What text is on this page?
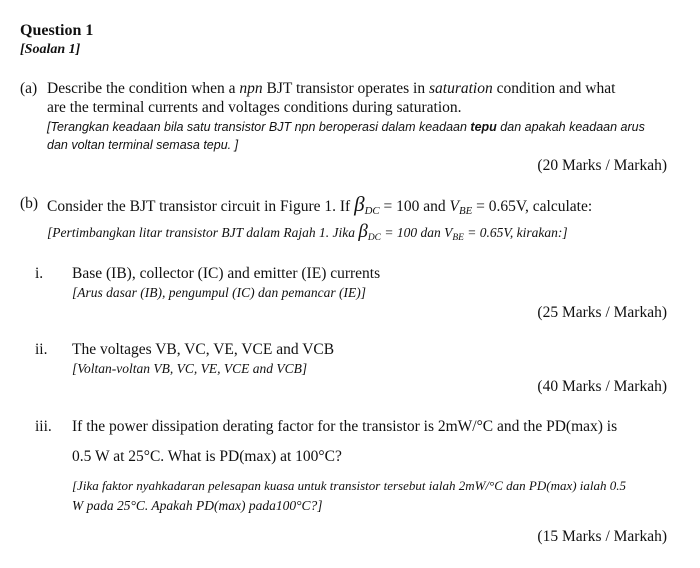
Question 1
[Soalan 1]
(a) Describe the condition when a npn BJT transistor operates in saturation condition and what
are the terminal currents and voltages conditions during saturation.
[Terangkan keadaan bila satu transistor BJT npn beroperasi dalam keadaan tepu dan apakah keadaan arus
dan voltan terminal semasa tepu. ]
(20 Marks / Markah)
(b) Consider the BJT transistor circuit in Figure 1. If $\beta_{DC} = 100$ and $V_{BE} = 0.65V$, calculate:
[Pertimbangkan litar transistor BJT dalam Rajah 1. Jika $\beta_{DC} = 100$ dan $V_{BE} = 0.65V$, kirakan:]
i. Base (IB), collector (IC) and emitter (IE) currents
[Arus dasar (IB), pengumpul (IC) dan pemancar (IE)]
(25 Marks / Markah)
ii. The voltages VB, VC, VE, VCE and VCB
[Voltan-voltan VB, VC, VE, VCE and VCB]
(40 Marks / Markah)
iii. If the power dissipation derating factor for the transistor is 2mW/°C and the PD(max) is
0.5 W at 25°C. What is PD(max) at 100°C?
[Jika faktor nyahkadaran pelesapan kuasa untuk transistor tersebut ialah 2mW/°C dan PD(max) ialah 0.5
W pada 25°C. Apakah PD(max) pada100°C?]
(15 Marks / Markah)
